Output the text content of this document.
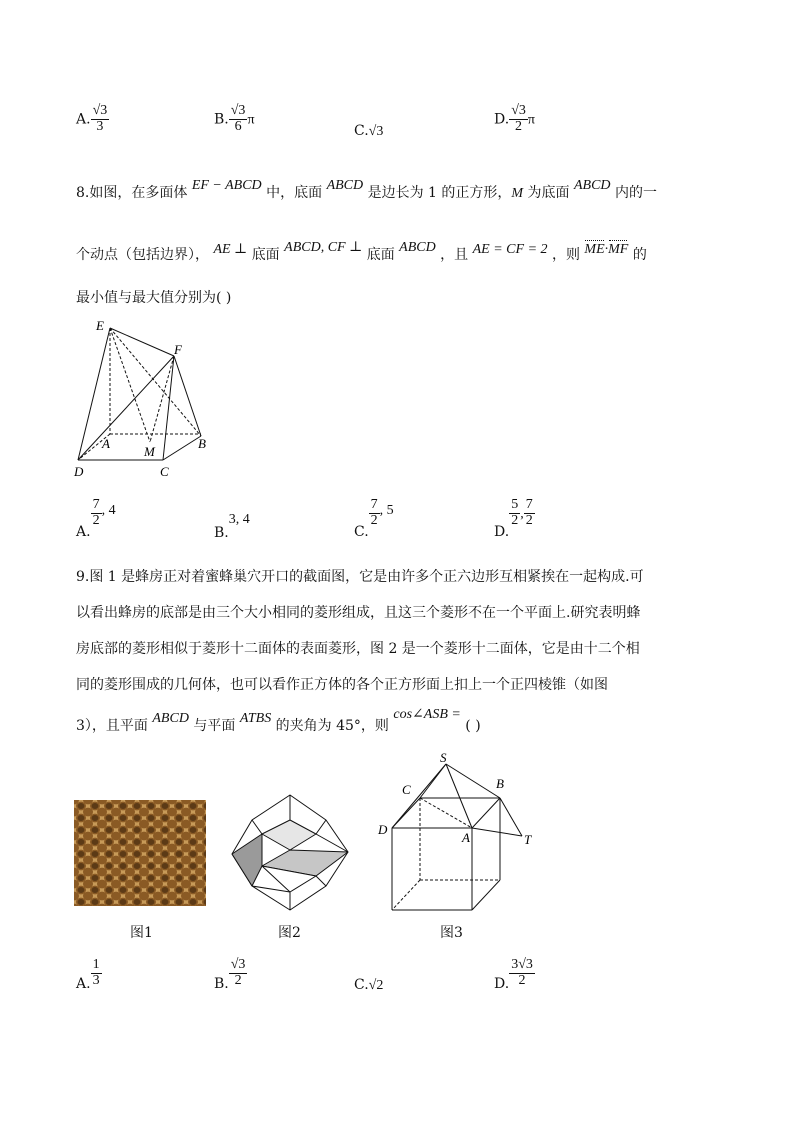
A. $\frac{√3}{3}$	B. $\frac{√3}{6}$ π
C.√3
D. $\frac{√3}{2}$ π
8.如图，在多面体 EF − ABCD 中，底面 ABCD 是边长为 1 的正方形，M 为底面 ABCD 内的一
个动点（包括边界）， AE ⊥ 底面 ABCD, CF ⊥ 底面 ABCD ，且 AE = CF = 2 ，则 ME·MF 的
最小值与最大值分别为( )
E
F
A
M
B
D	C
A.
$\frac{7}{2}$ , 4
B.3, 4
C.
$\frac{7}{2}$ , 5
D.
$\frac{5}{2}$ , $\frac{7}{2}$
9.图 1 是蜂房正对着蜜蜂巢穴开口的截面图，它是由许多个正六边形互相紧挨在一起构成.可
以看出蜂房的底部是由三个大小相同的菱形组成，且这三个菱形不在一个平面上.研究表明蜂
房底部的菱形相似于菱形十二面体的表面菱形，图 2 是一个菱形十二面体，它是由十二个相
同的菱形围成的几何体，也可以看作正方体的各个正方形面上扣上一个正四棱锥（如图
3），且平面 ABCD 与平面 ATBS 的夹角为 45°，则 cos∠ASB = ( )
图1	图2
S
C	B
D
A	T
图3
A. $\frac{1}{3}$	B. $\frac{√3}{2}$	C.√2	D. $\frac{3√3}{2}$
